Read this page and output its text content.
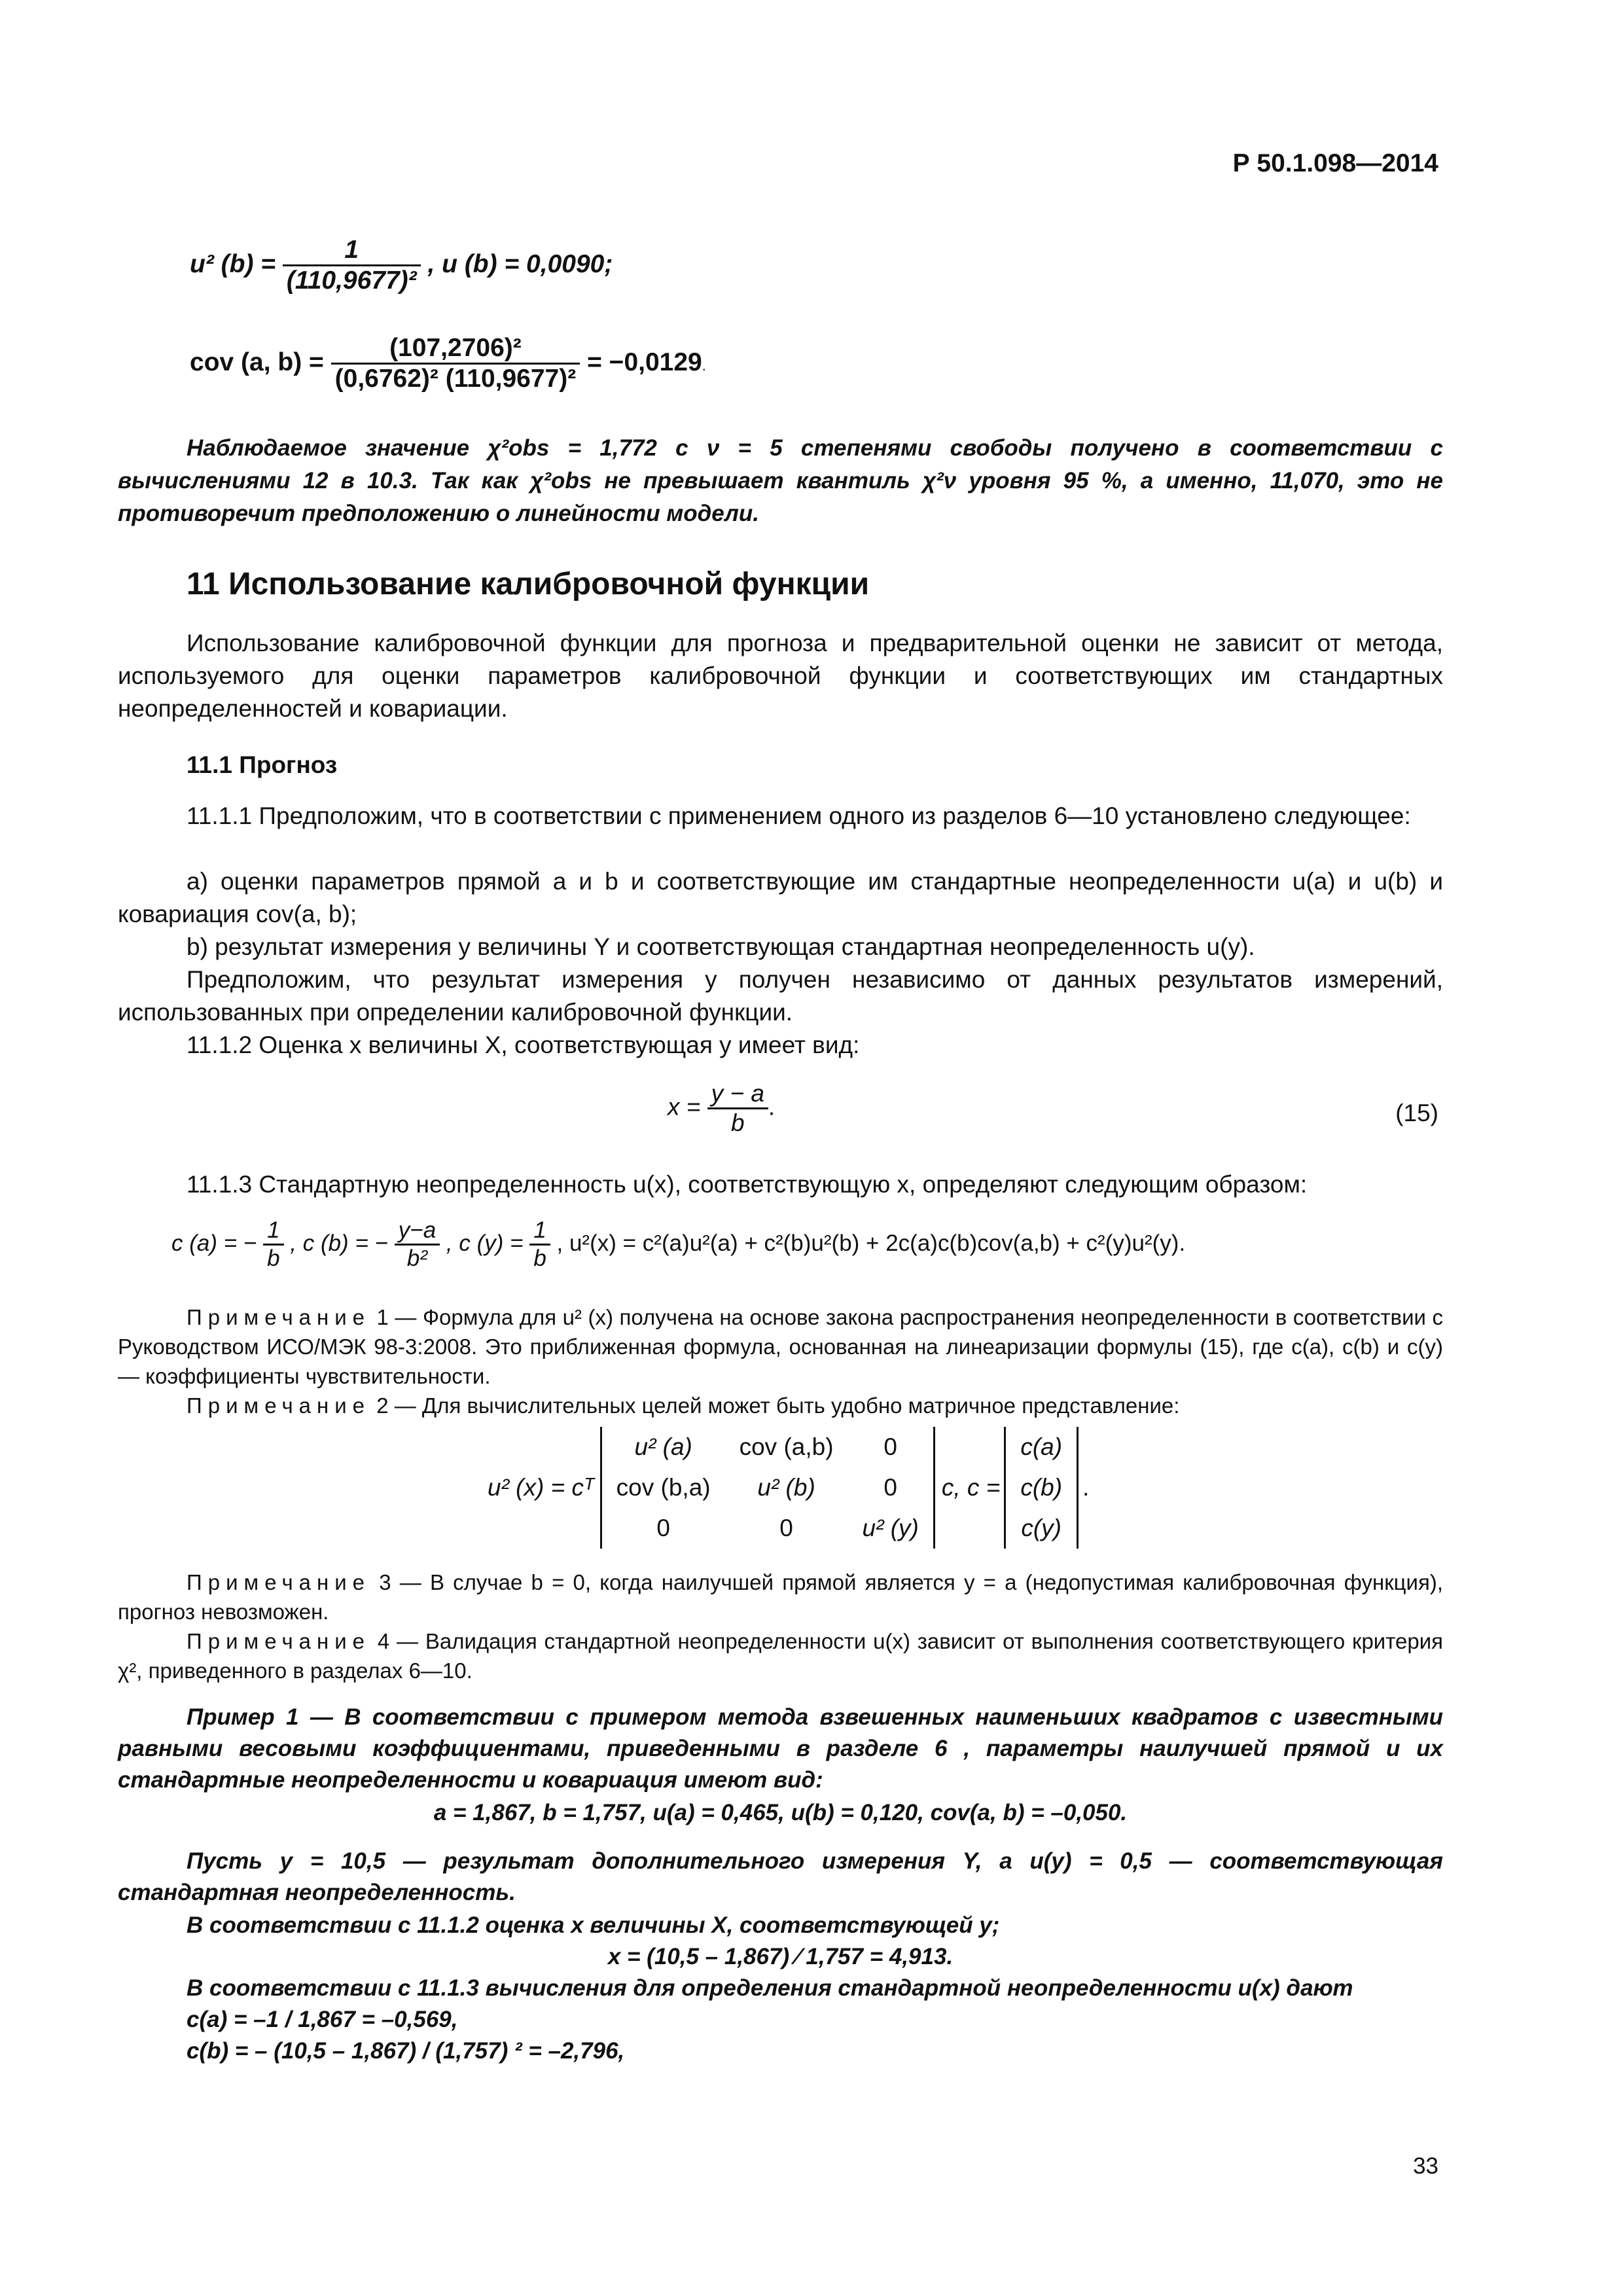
Р 50.1.098—2014
u² $(b) = \frac{1}{\text{(110,9677)²}}$ , u (b) = 0,0090;
cov (a, $b) = \frac{\text{(107,2706)²}}{\text{(0,6762)² (110,9677)²}} = -0,0129$.
Наблюдаемое значение χ²obs = 1,772 с ν = 5 степенями свободы получено в соответствии с вычислениями 12 в 10.3. Так как χ²obs не превышает квантиль χ²ν уровня 95 %, а именно, 11,070, это не противоречит предположению о линейности модели.
11 Использование калибровочной функции
Использование калибровочной функции для прогноза и предварительной оценки не зависит от метода, используемого для оценки параметров калибровочной функции и соответствующих им стандартных неопределенностей и ковариации.
11.1 Прогноз
11.1.1 Предположим, что в соответствии с применением одного из разделов 6—10 установлено следующее:
a) оценки параметров прямой a и b и соответствующие им стандартные неопределенности u(a) и u(b) и ковариация cov(a, b);
b) результат измерения y величины Y и соответствующая стандартная неопределенность u(y).
Предположим, что результат измерения y получен независимо от данных результатов измерений, использованных при определении калибровочной функции.
11.1.2 Оценка x величины X, соответствующая y имеет вид:
$x = \frac{y - a}{b}$ .	(15)
11.1.3 Стандартную неопределенность u(x), соответствующую x, определяют следующим образом:
c (a) = − $\frac{1}{b}$ , c (b) = − $\frac{y-a}{\text{b²}}$ , c $(y) = \frac{1}{b}$ , u²(x) = c²(a)u²(a) + c²(b)u²(b) + 2c(a)c(b)cov(a,b) + c²(y)u²(y).
Примечание 1 — Формула для u² (x) получена на основе закона распространения неопределенности в соответствии с Руководством ИСО/МЭК 98-3:2008. Это приближенная формула, основанная на линеаризации формулы (15), где c(a), c(b) и c(y) — коэффициенты чувствительности.
Примечание 2 — Для вычислительных целей может быть удобно матричное представление:
u² (x) = cᵀ
u² (a)	cov (a,b)	0
cov (b,a)	u² (b)	0
0	0	u² (y)
c, c =
c(a)
c(b)
c(y)
.
Примечание 3 — В случае b = 0, когда наилучшей прямой является y = a (недопустимая калибровочная функция), прогноз невозможен.
Примечание 4 — Валидация стандартной неопределенности u(x) зависит от выполнения соответствующего критерия χ², приведенного в разделах 6—10.
Пример 1 — В соответствии с примером метода взвешенных наименьших квадратов с известными равными весовыми коэффициентами, приведенными в разделе 6 , параметры наилучшей прямой и их стандартные неопределенности и ковариация имеют вид:
a = 1,867, b = 1,757, u(a) = 0,465, u(b) = 0,120, cov(a, b) = –0,050.
Пусть y = 10,5 — результат дополнительного измерения Y, а u(y) = 0,5 — соответствующая стандартная неопределенность.
В соответствии с 11.1.2 оценка x величины X, соответствующей y;
x = (10,5 – 1,867) ⁄ 1,757 = 4,913.
В соответствии с 11.1.3 вычисления для определения стандартной неопределенности u(x) дают
c(a) = –1 / 1,867 = –0,569,
c(b) = – (10,5 – 1,867) / (1,757) ² = –2,796,
33
